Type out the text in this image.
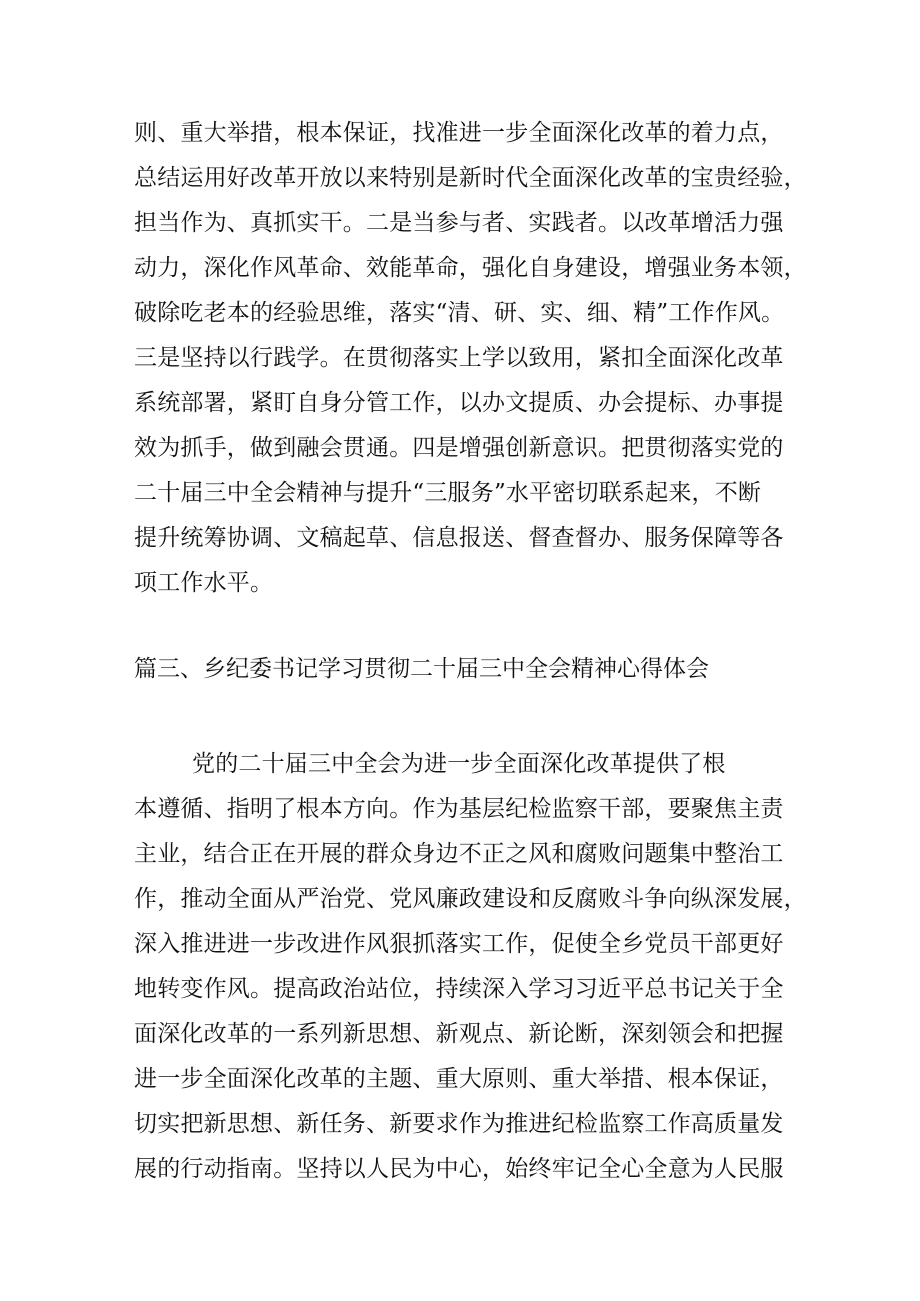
则、重大举措，根本保证，找准进一步全面深化改革的着力点，
总结运用好改革开放以来特别是新时代全面深化改革的宝贵经验，
担当作为、真抓实干。二是当参与者、实践者。以改革增活力强
动力，深化作风革命、效能革命，强化自身建设，增强业务本领，
破除吃老本的经验思维，落实“清、研、实、细、精”工作作风。
三是坚持以行践学。在贯彻落实上学以致用，紧扣全面深化改革
系统部署，紧盯自身分管工作，以办文提质、办会提标、办事提
效为抓手，做到融会贯通。四是增强创新意识。把贯彻落实党的
二十届三中全会精神与提升“三服务”水平密切联系起来，不断
提升统筹协调、文稿起草、信息报送、督查督办、服务保障等各
项工作水平。
篇三、乡纪委书记学习贯彻二十届三中全会精神心得体会
党的二十届三中全会为进一步全面深化改革提供了根
本遵循、指明了根本方向。作为基层纪检监察干部，要聚焦主责
主业，结合正在开展的群众身边不正之风和腐败问题集中整治工
作，推动全面从严治党、党风廉政建设和反腐败斗争向纵深发展，
深入推进进一步改进作风狠抓落实工作，促使全乡党员干部更好
地转变作风。提高政治站位，持续深入学习习近平总书记关于全
面深化改革的一系列新思想、新观点、新论断，深刻领会和把握
进一步全面深化改革的主题、重大原则、重大举措、根本保证，
切实把新思想、新任务、新要求作为推进纪检监察工作高质量发
展的行动指南。坚持以人民为中心，始终牢记全心全意为人民服
